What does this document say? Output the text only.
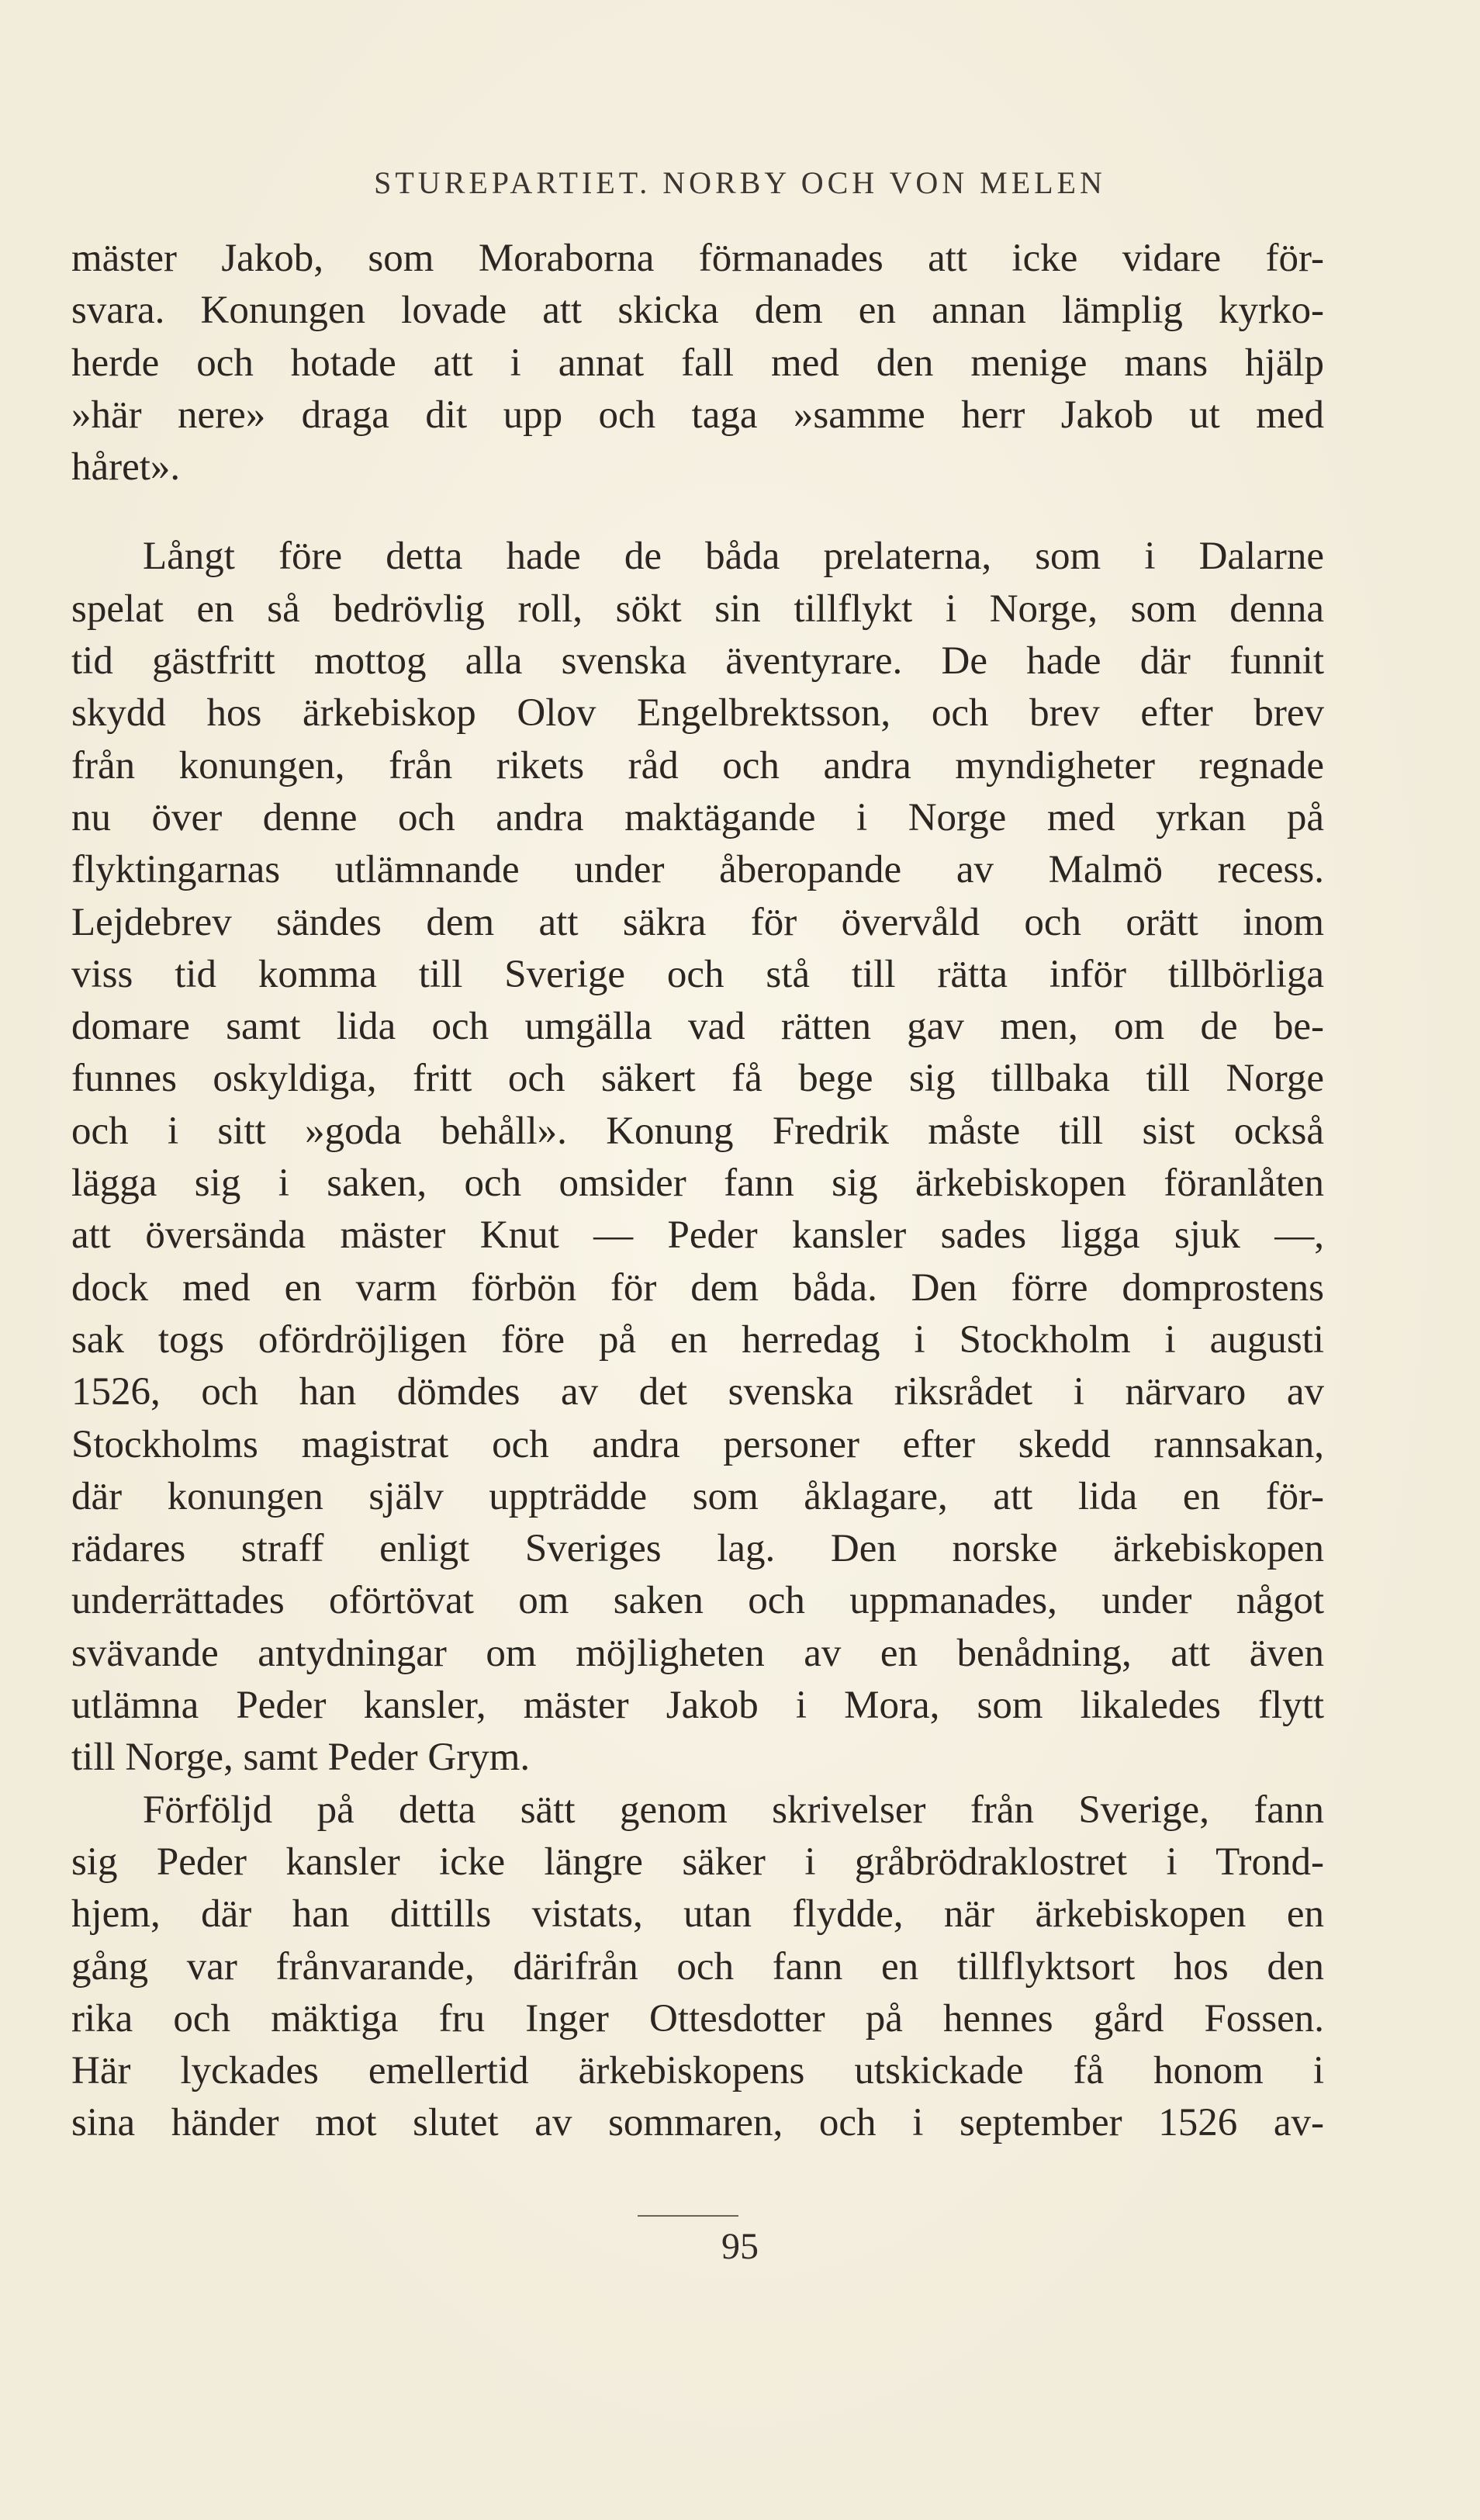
STUREPARTIET. NORBY OCH VON MELEN
mäster Jakob, som Moraborna förmanades att icke vidare för-
svara. Konungen lovade att skicka dem en annan lämplig kyrko-
herde och hotade att i annat fall med den menige mans hjälp
»här nere» draga dit upp och taga »samme herr Jakob ut med
håret».
Långt före detta hade de båda prelaterna, som i Dalarne
spelat en så bedrövlig roll, sökt sin tillflykt i Norge, som denna
tid gästfritt mottog alla svenska äventyrare. De hade där funnit
skydd hos ärkebiskop Olov Engelbrektsson, och brev efter brev
från konungen, från rikets råd och andra myndigheter regnade
nu över denne och andra maktägande i Norge med yrkan på
flyktingarnas utlämnande under åberopande av Malmö recess.
Lejdebrev sändes dem att säkra för övervåld och orätt inom
viss tid komma till Sverige och stå till rätta inför tillbörliga
domare samt lida och umgälla vad rätten gav men, om de be-
funnes oskyldiga, fritt och säkert få bege sig tillbaka till Norge
och i sitt »goda behåll». Konung Fredrik måste till sist också
lägga sig i saken, och omsider fann sig ärkebiskopen föranlåten
att översända mäster Knut — Peder kansler sades ligga sjuk —,
dock med en varm förbön för dem båda. Den förre domprostens
sak togs ofördröjligen före på en herredag i Stockholm i augusti
1526, och han dömdes av det svenska riksrådet i närvaro av
Stockholms magistrat och andra personer efter skedd rannsakan,
där konungen själv uppträdde som åklagare, att lida en för-
rädares straff enligt Sveriges lag. Den norske ärkebiskopen
underrättades oförtövat om saken och uppmanades, under något
svävande antydningar om möjligheten av en benådning, att även
utlämna Peder kansler, mäster Jakob i Mora, som likaledes flytt
till Norge, samt Peder Grym.
Förföljd på detta sätt genom skrivelser från Sverige, fann
sig Peder kansler icke längre säker i gråbrödraklostret i Trond-
hjem, där han dittills vistats, utan flydde, när ärkebiskopen en
gång var frånvarande, därifrån och fann en tillflyktsort hos den
rika och mäktiga fru Inger Ottesdotter på hennes gård Fossen.
Här lyckades emellertid ärkebiskopens utskickade få honom i
sina händer mot slutet av sommaren, och i september 1526 av-
95
